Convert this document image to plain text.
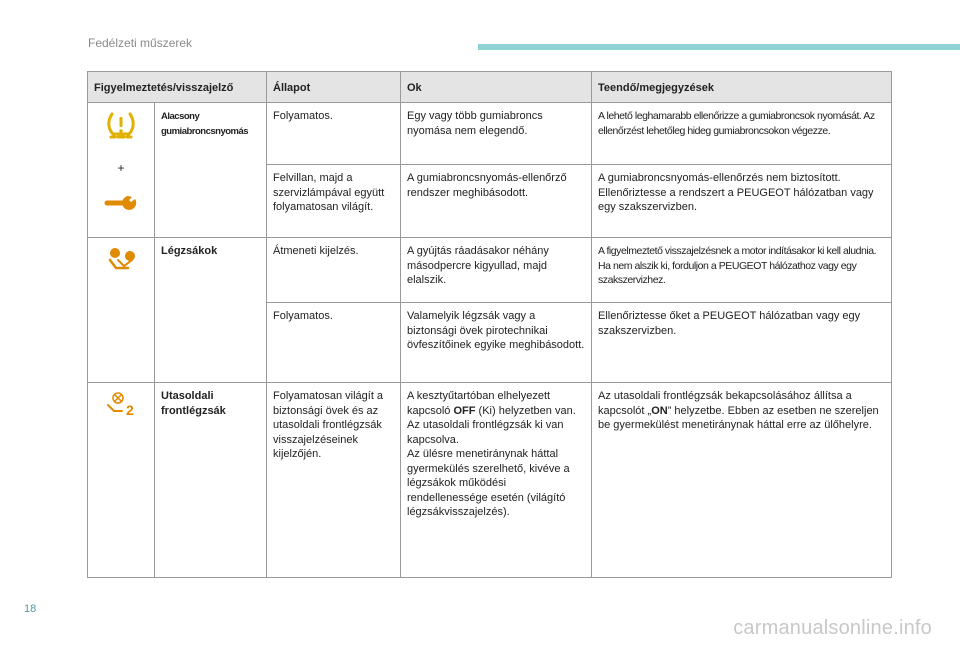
Fedélzeti műszerek
Figyelmeztetés/visszajelző		Állapot	Ok	Teendő/megjegyzések

+	Alacsony gumiabroncsnyomás	Folyamatos.	Egy vagy több gumiabroncs nyomása nem elegendő.	A lehető leghamarabb ellenőrizze a gumiabroncsok nyomását. Az ellenőrzést lehetőleg hideg gumiabroncsokon végezze.
		Felvillan, majd a szervizlámpával együtt folyamatosan világít.	A gumiabroncsnyomás-ellenőrző rendszer meghibásodott.	A gumiabroncsnyomás-ellenőrzés nem biztosított. Ellenőriztesse a rendszert a PEUGEOT hálózatban vagy egy szakszervizben.

	Légzsákok	Átmeneti kijelzés.	A gyújtás ráadásakor néhány másodpercre kigyullad, majd elalszik.	A figyelmeztető visszajelzésnek a motor indításakor ki kell aludnia. Ha nem alszik ki, forduljon a PEUGEOT hálózathoz vagy egy szakszervizhez.
		Folyamatos.	Valamelyik légzsák vagy a biztonsági övek pirotechnikai övfeszítőinek egyike meghibásodott.	Ellenőriztesse őket a PEUGEOT hálózatban vagy egy szakszervizben.

2	Utasoldali frontlégzsák	Folyamatosan világít a biztonsági övek és az utasoldali frontlégzsák visszajelzéseinek kijelzőjén.	A kesztyűtartóban elhelyezett kapcsoló OFF (Ki) helyzetben van.
Az utasoldali frontlégzsák ki van kapcsolva.
Az ülésre menetiránynak háttal gyermekülés szerelhető, kivéve a légzsákok működési rendellenessége esetén (világító légzsákvisszajelzés).	Az utasoldali frontlégzsák bekapcsolásához állítsa a kapcsolót „ON” helyzetbe. Ebben az esetben ne szereljen be gyermekülést menetiránynak háttal erre az ülőhelyre.
18
carmanualsonline.info
